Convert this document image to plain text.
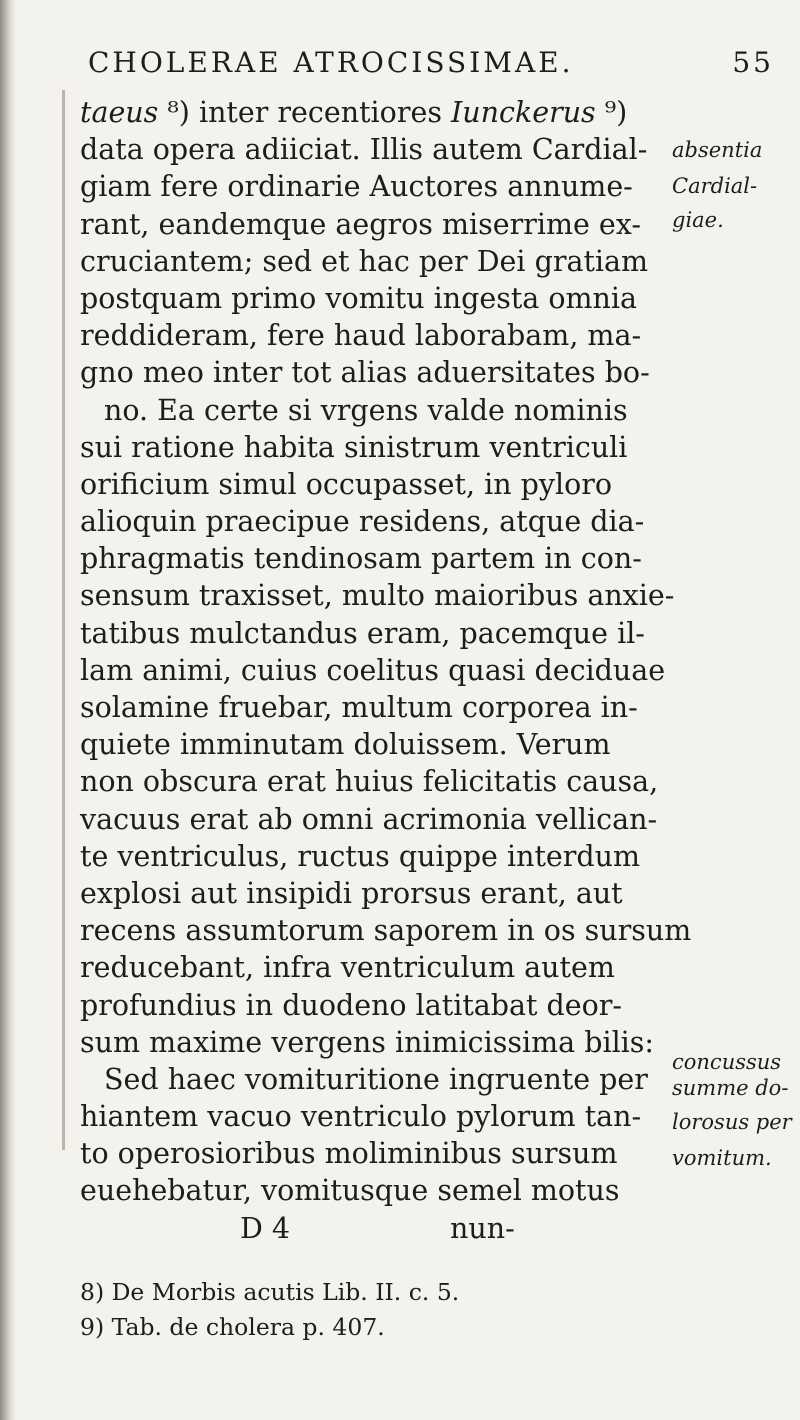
CHOLERAE ATROCISSIMAE.	55
taeus ⁸) inter recentiores Iunckerus ⁹)
data opera adiiciat. Illis autem Cardial-
giam fere ordinarie Auctores annume-
rant, eandemque aegros miserrime ex-
cruciantem; sed et hac per Dei gratiam
postquam primo vomitu ingesta omnia
reddideram, fere haud laborabam, ma-
gno meo inter tot alias aduersitates bo-
no. Ea certe si vrgens valde nominis
sui ratione habita sinistrum ventriculi
orificium simul occupasset, in pyloro
alioquin praecipue residens, atque dia-
phragmatis tendinosam partem in con-
sensum traxisset, multo maioribus anxie-
tatibus mulctandus eram, pacemque il-
lam animi, cuius coelitus quasi deciduae
solamine fruebar, multum corporea in-
quiete imminutam doluissem. Verum
non obscura erat huius felicitatis causa,
vacuus erat ab omni acrimonia vellican-
te ventriculus, ructus quippe interdum
explosi aut insipidi prorsus erant, aut
recens assumtorum saporem in os sursum
reducebant, infra ventriculum autem
profundius in duodeno latitabat deor-
sum maxime vergens inimicissima bilis:
Sed haec vomituritione ingruente per
hiantem vacuo ventriculo pylorum tan-
to operosioribus moliminibus sursum
euehebatur, vomitusque semel motus
D 4	nun-
absentia
Cardial-
giae.
concussus
summe do-
lorosus per
vomitum.
8) De Morbis acutis Lib. II. c. 5.
9) Tab. de cholera p. 407.
